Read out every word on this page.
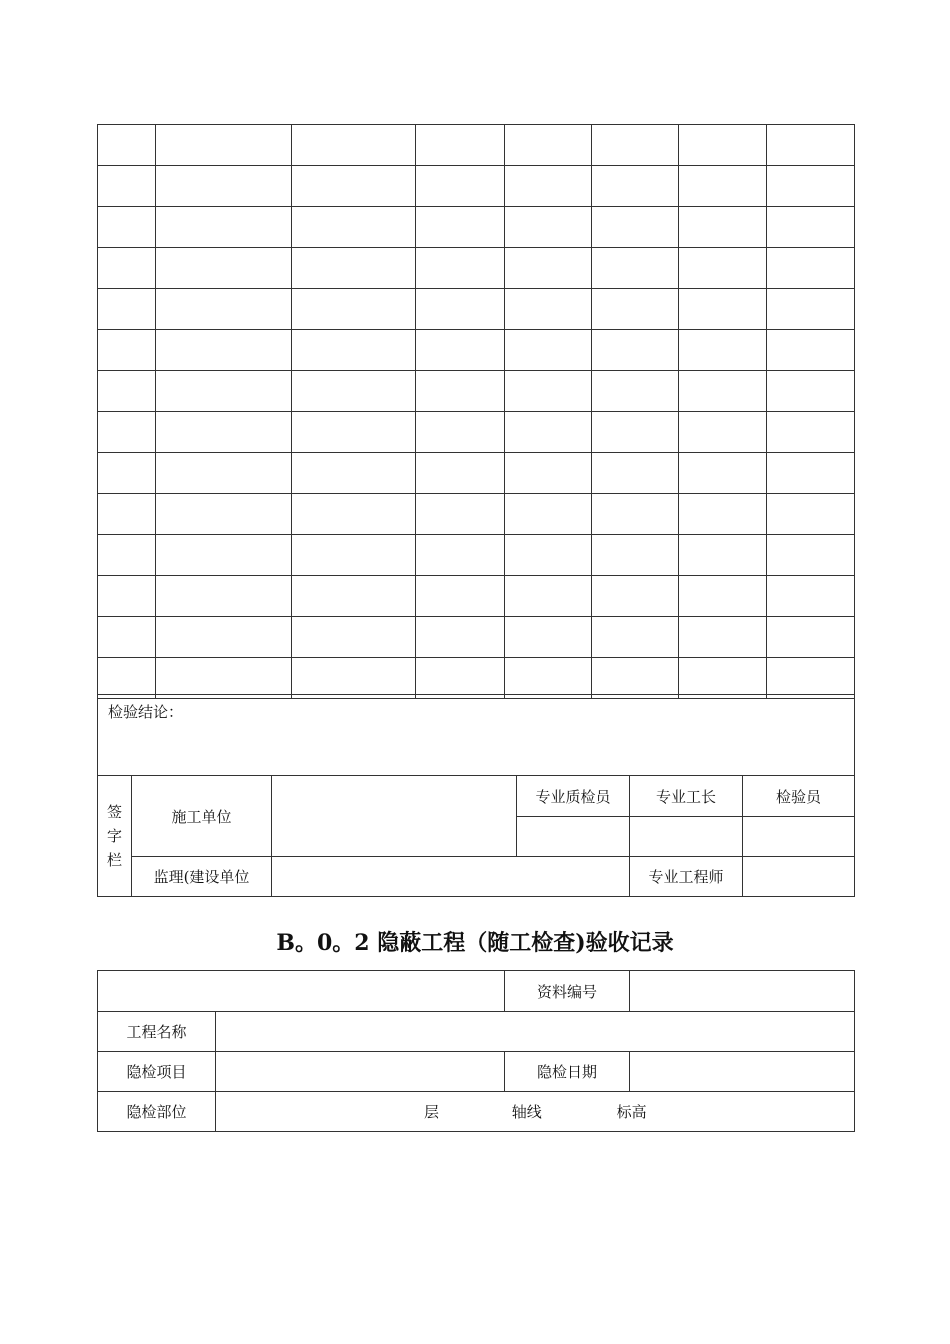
检验结论：					

签
字
栏	施工单位		专业质检员	专业工长	检验员

	监理(建设单位			专业工程师	
B。0。2 隐蔽工程（随工检查)验收记录
		资料编号	
工程名称			
隐检项目		隐检日期	
隐检部位	层 轴线 标高		
